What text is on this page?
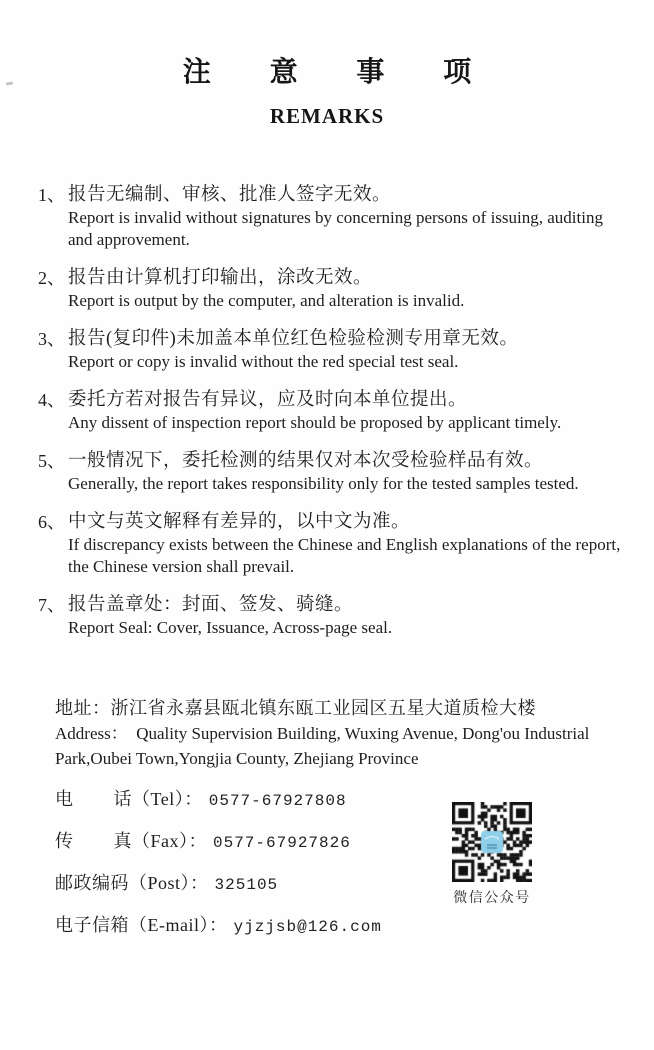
注意事项
REMARKS
1、 报告无编制、审核、批准人签字无效。
Report is invalid without signatures by concerning persons of issuing, auditing and approvement.
2、 报告由计算机打印输出，涂改无效。
Report is output by the computer, and alteration is invalid.
3、 报告(复印件)未加盖本单位红色检验检测专用章无效。
Report or copy is invalid without the red special test seal.
4、 委托方若对报告有异议，应及时向本单位提出。
Any dissent of inspection report should be proposed by applicant timely.
5、 一般情况下，委托检测的结果仅对本次受检验样品有效。
Generally, the report takes responsibility only for the tested samples tested.
6、 中文与英文解释有差异的，以中文为准。
If discrepancy exists between the Chinese and English explanations of the report, the Chinese version shall prevail.
7、 报告盖章处：封面、签发、骑缝。
Report Seal: Cover, Issuance, Across-page seal.
地址：浙江省永嘉县瓯北镇东瓯工业园区五星大道质检大楼
Address：  Quality Supervision Building, Wuxing Avenue, Dong'ou Industrial Park,Oubei Town,Yongjia County, Zhejiang Province
电        话（Tel）： 0577-67927808
传        真（Fax）： 0577-67927826
邮政编码（Post）： 325105
电子信箱（E-mail）： yjzjsb@126.com
微信公众号
